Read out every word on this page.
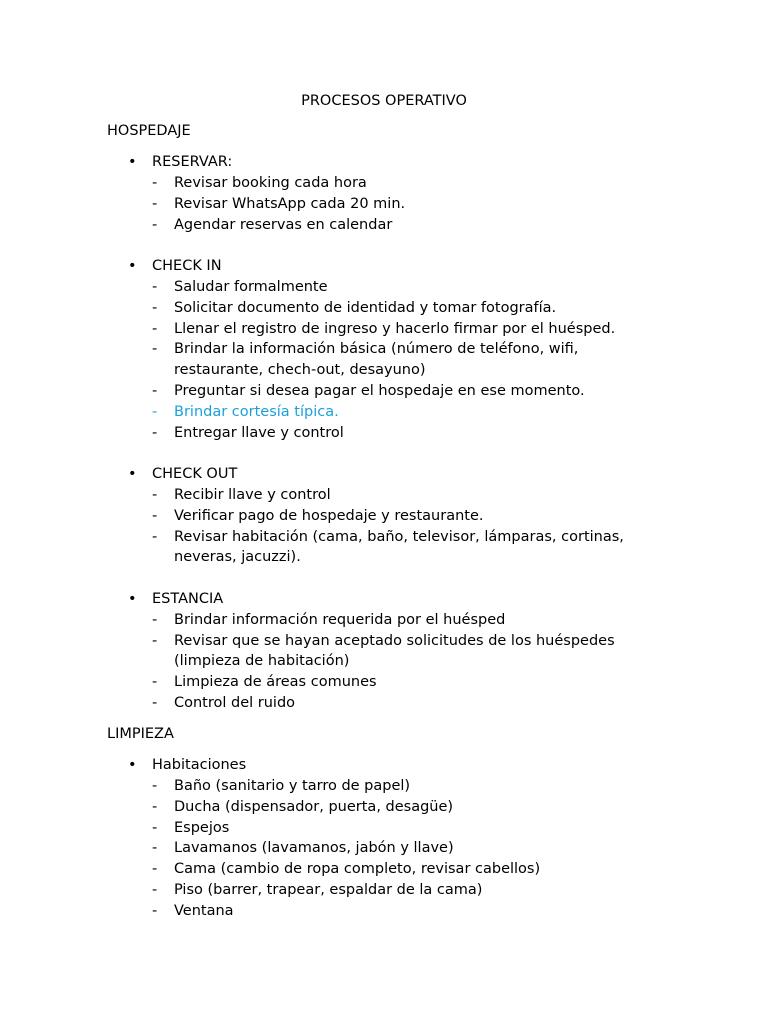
PROCESOS OPERATIVO
HOSPEDAJE
• RESERVAR:
- Revisar booking cada hora
- Revisar WhatsApp cada 20 min.
- Agendar reservas en calendar
• CHECK IN
- Saludar formalmente
- Solicitar documento de identidad y tomar fotografía.
- Llenar el registro de ingreso y hacerlo firmar por el huésped.
- Brindar la información básica (número de teléfono, wifi, restaurante, chech-out, desayuno)
- Preguntar si desea pagar el hospedaje en ese momento.
- Brindar cortesía típica.
- Entregar llave y control
• CHECK OUT
- Recibir llave y control
- Verificar pago de hospedaje y restaurante.
- Revisar habitación (cama, baño, televisor, lámparas, cortinas, neveras, jacuzzi).
• ESTANCIA
- Brindar información requerida por el huésped
- Revisar que se hayan aceptado solicitudes de los huéspedes (limpieza de habitación)
- Limpieza de áreas comunes
- Control del ruido
LIMPIEZA
• Habitaciones
- Baño (sanitario y tarro de papel)
- Ducha (dispensador, puerta, desagüe)
- Espejos
- Lavamanos (lavamanos, jabón y llave)
- Cama (cambio de ropa completo, revisar cabellos)
- Piso (barrer, trapear, espaldar de la cama)
- Ventana
